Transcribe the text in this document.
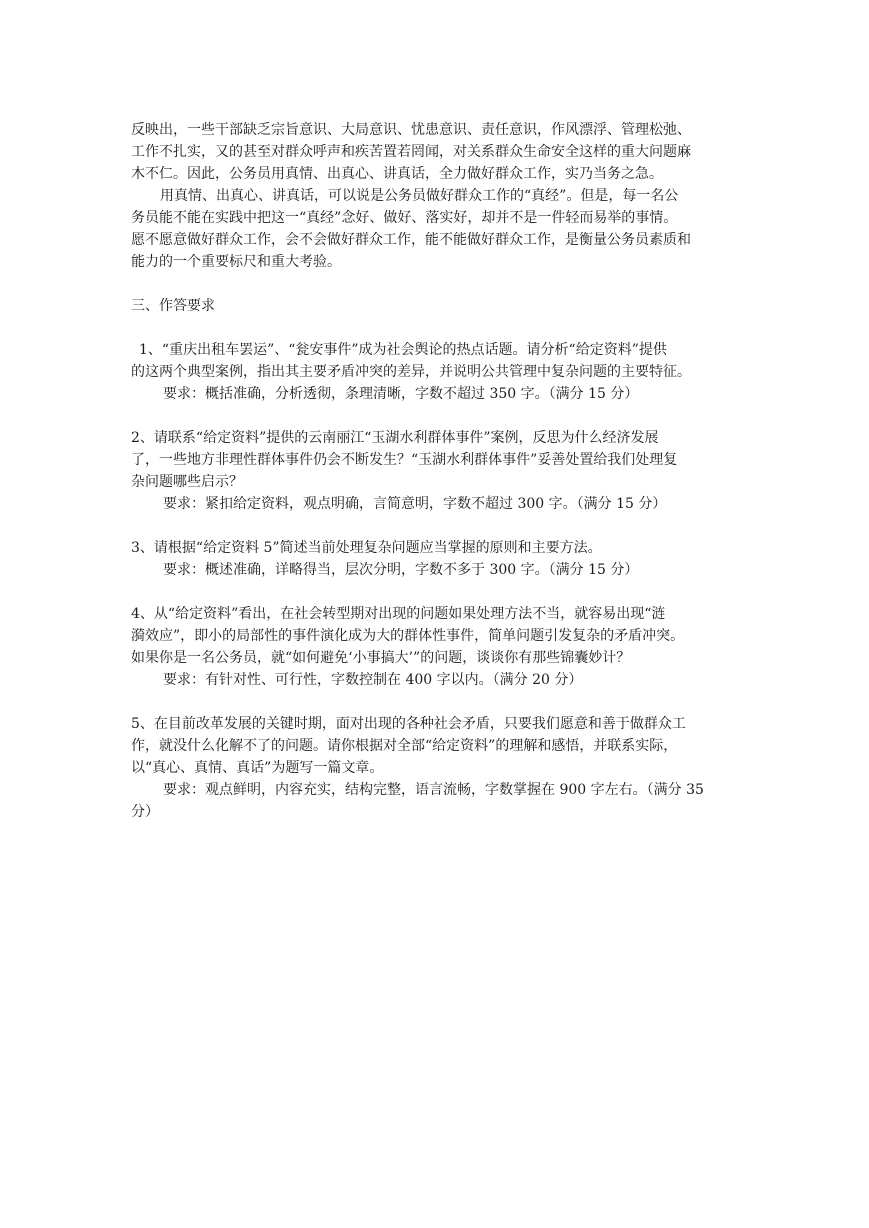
反映出，一些干部缺乏宗旨意识、大局意识、忧患意识、责任意识，作风漂浮、管理松弛、
工作不扎实，又的甚至对群众呼声和疾苦置若罔闻，对关系群众生命安全这样的重大问题麻
木不仁。因此，公务员用真情、出真心、讲真话，全力做好群众工作，实乃当务之急。
用真情、出真心、讲真话，可以说是公务员做好群众工作的“真经”。但是，每一名公
务员能不能在实践中把这一“真经”念好、做好、落实好，却并不是一件轻而易举的事情。
愿不愿意做好群众工作，会不会做好群众工作，能不能做好群众工作，是衡量公务员素质和
能力的一个重要标尺和重大考验。
三、作答要求
1、“重庆出租车罢运”、“瓮安事件”成为社会舆论的热点话题。请分析“给定资料”提供
的这两个典型案例，指出其主要矛盾冲突的差异，并说明公共管理中复杂问题的主要特征。
要求：概括准确，分析透彻，条理清晰，字数不超过 350 字。（满分 15 分）
2、请联系“给定资料”提供的云南丽江“玉湖水利群体事件”案例，反思为什么经济发展
了，一些地方非理性群体事件仍会不断发生？“玉湖水利群体事件”妥善处置给我们处理复
杂问题哪些启示？
要求：紧扣给定资料，观点明确，言简意明，字数不超过 300 字。（满分 15 分）
3、请根据“给定资料 5”简述当前处理复杂问题应当掌握的原则和主要方法。
要求：概述准确，详略得当，层次分明，字数不多于 300 字。（满分 15 分）
4、从“给定资料”看出，在社会转型期对出现的问题如果处理方法不当，就容易出现“涟
漪效应”，即小的局部性的事件演化成为大的群体性事件，简单问题引发复杂的矛盾冲突。
如果你是一名公务员，就“如何避免‘小事搞大’”的问题，谈谈你有那些锦囊妙计？
要求：有针对性、可行性，字数控制在 400 字以内。（满分 20 分）
5、在目前改革发展的关键时期，面对出现的各种社会矛盾，只要我们愿意和善于做群众工
作，就没什么化解不了的问题。请你根据对全部“给定资料”的理解和感悟，并联系实际，
以“真心、真情、真话”为题写一篇文章。
要求：观点鲜明，内容充实，结构完整，语言流畅，字数掌握在 900 字左右。（满分 35
分）
